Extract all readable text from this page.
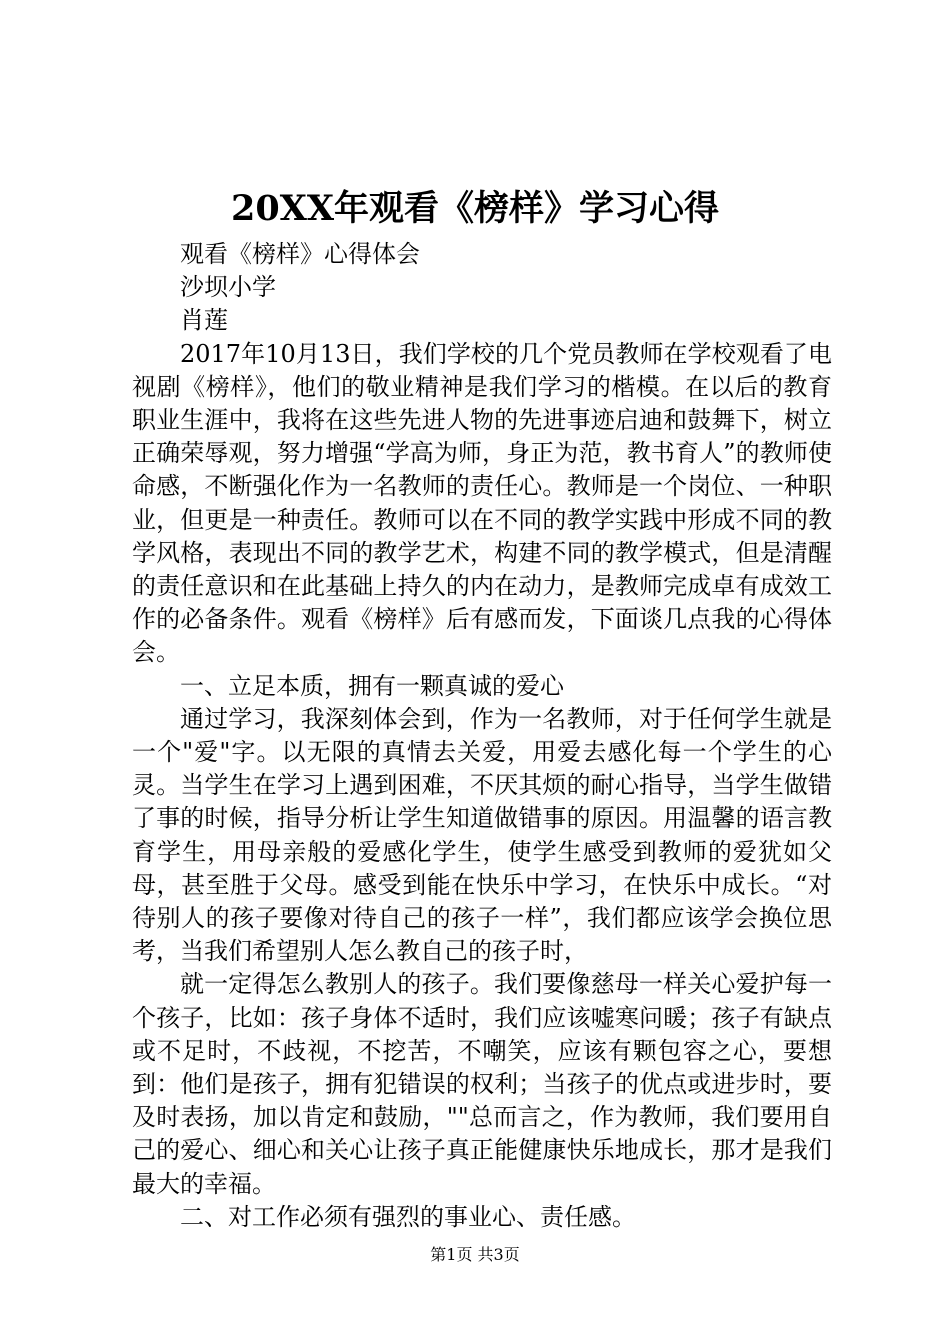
20XX年观看《榜样》学习心得

观看《榜样》心得体会

沙坝小学

肖莲

2017年10月13日，我们学校的几个党员教师在学校观看了电视剧《榜样》，他们的敬业精神是我们学习的楷模。在以后的教育职业生涯中，我将在这些先进人物的先进事迹启迪和鼓舞下，树立正确荣辱观，努力增强“学高为师，身正为范，教书育人”的教师使命感，不断强化作为一名教师的责任心。教师是一个岗位、一种职业，但更是一种责任。教师可以在不同的教学实践中形成不同的教学风格，表现出不同的教学艺术，构建不同的教学模式，但是清醒的责任意识和在此基础上持久的内在动力，是教师完成卓有成效工作的必备条件。观看《榜样》后有感而发，下面谈几点我的心得体会。

一、立足本质，拥有一颗真诚的爱心

通过学习，我深刻体会到，作为一名教师，对于任何学生就是一个"爱"字。以无限的真情去关爱，用爱去感化每一个学生的心灵。当学生在学习上遇到困难，不厌其烦的耐心指导，当学生做错了事的时候，指导分析让学生知道做错事的原因。用温馨的语言教育学生，用母亲般的爱感化学生，使学生感受到教师的爱犹如父母，甚至胜于父母。感受到能在快乐中学习，在快乐中成长。“对待别人的孩子要像对待自己的孩子一样”，我们都应该学会换位思考，当我们希望别人怎么教自己的孩子时，

就一定得怎么教别人的孩子。我们要像慈母一样关心爱护每一个孩子，比如：孩子身体不适时，我们应该嘘寒问暖；孩子有缺点或不足时，不歧视，不挖苦，不嘲笑，应该有颗包容之心，要想到：他们是孩子，拥有犯错误的权利；当孩子的优点或进步时，要及时表扬，加以肯定和鼓励，""总而言之，作为教师，我们要用自己的爱心、细心和关心让孩子真正能健康快乐地成长，那才是我们最大的幸福。

二、对工作必须有强烈的事业心、责任感。

第1页 共3页
